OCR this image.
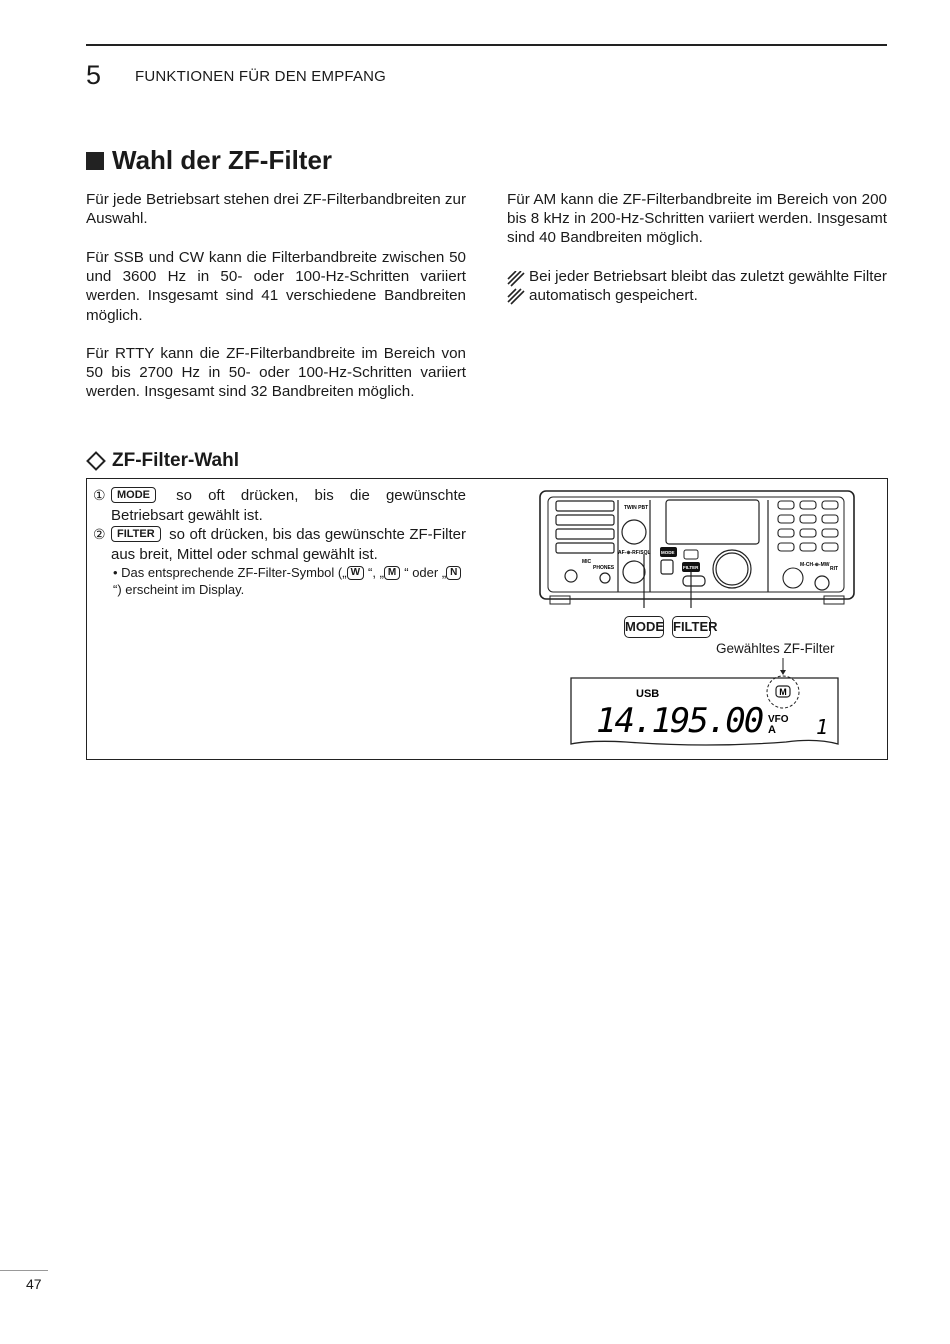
5 FUNKTIONEN FÜR DEN EMPFANG
Wahl der ZF-Filter
Für jede Betriebsart stehen drei ZF-Filterbandbreiten zur Auswahl.
Für SSB und CW kann die Filterbandbreite zwischen 50 und 3600 Hz in 50- oder 100-Hz-Schritten variiert werden. Insgesamt sind 41 verschiedene Bandbreiten möglich.
Für RTTY kann die ZF-Filterbandbreite im Bereich von 50 bis 2700 Hz in 50- oder 100-Hz-Schritten variiert werden. Insgesamt sind 32 Bandbreiten möglich.
Für AM kann die ZF-Filterbandbreite im Bereich von 200 bis 8 kHz in 200-Hz-Schritten variiert werden. Insgesamt sind 40 Bandbreiten möglich.
Bei jeder Betriebsart bleibt das zuletzt gewählte Filter automatisch gespeichert.
ZF-Filter-Wahl
①	MODE so oft drücken, bis die gewünschte Betriebsart gewählt ist.
②	FILTER so oft drücken, bis das gewünschte ZF-Filter aus breit, Mittel oder schmal gewählt ist.
• Das entsprechende ZF-Filter-Symbol („ W “, „ M “ oder „ N“) erscheint im Display.
TWIN PBT
AF-⊕-RF/SQL
MIC
PHONES
MODE
FILTER	M-CH-⊕-MW
RIT
MODE FILTER
Gewähltes ZF-Filter
M
USB
14.195.00 VFO
A 1
47
